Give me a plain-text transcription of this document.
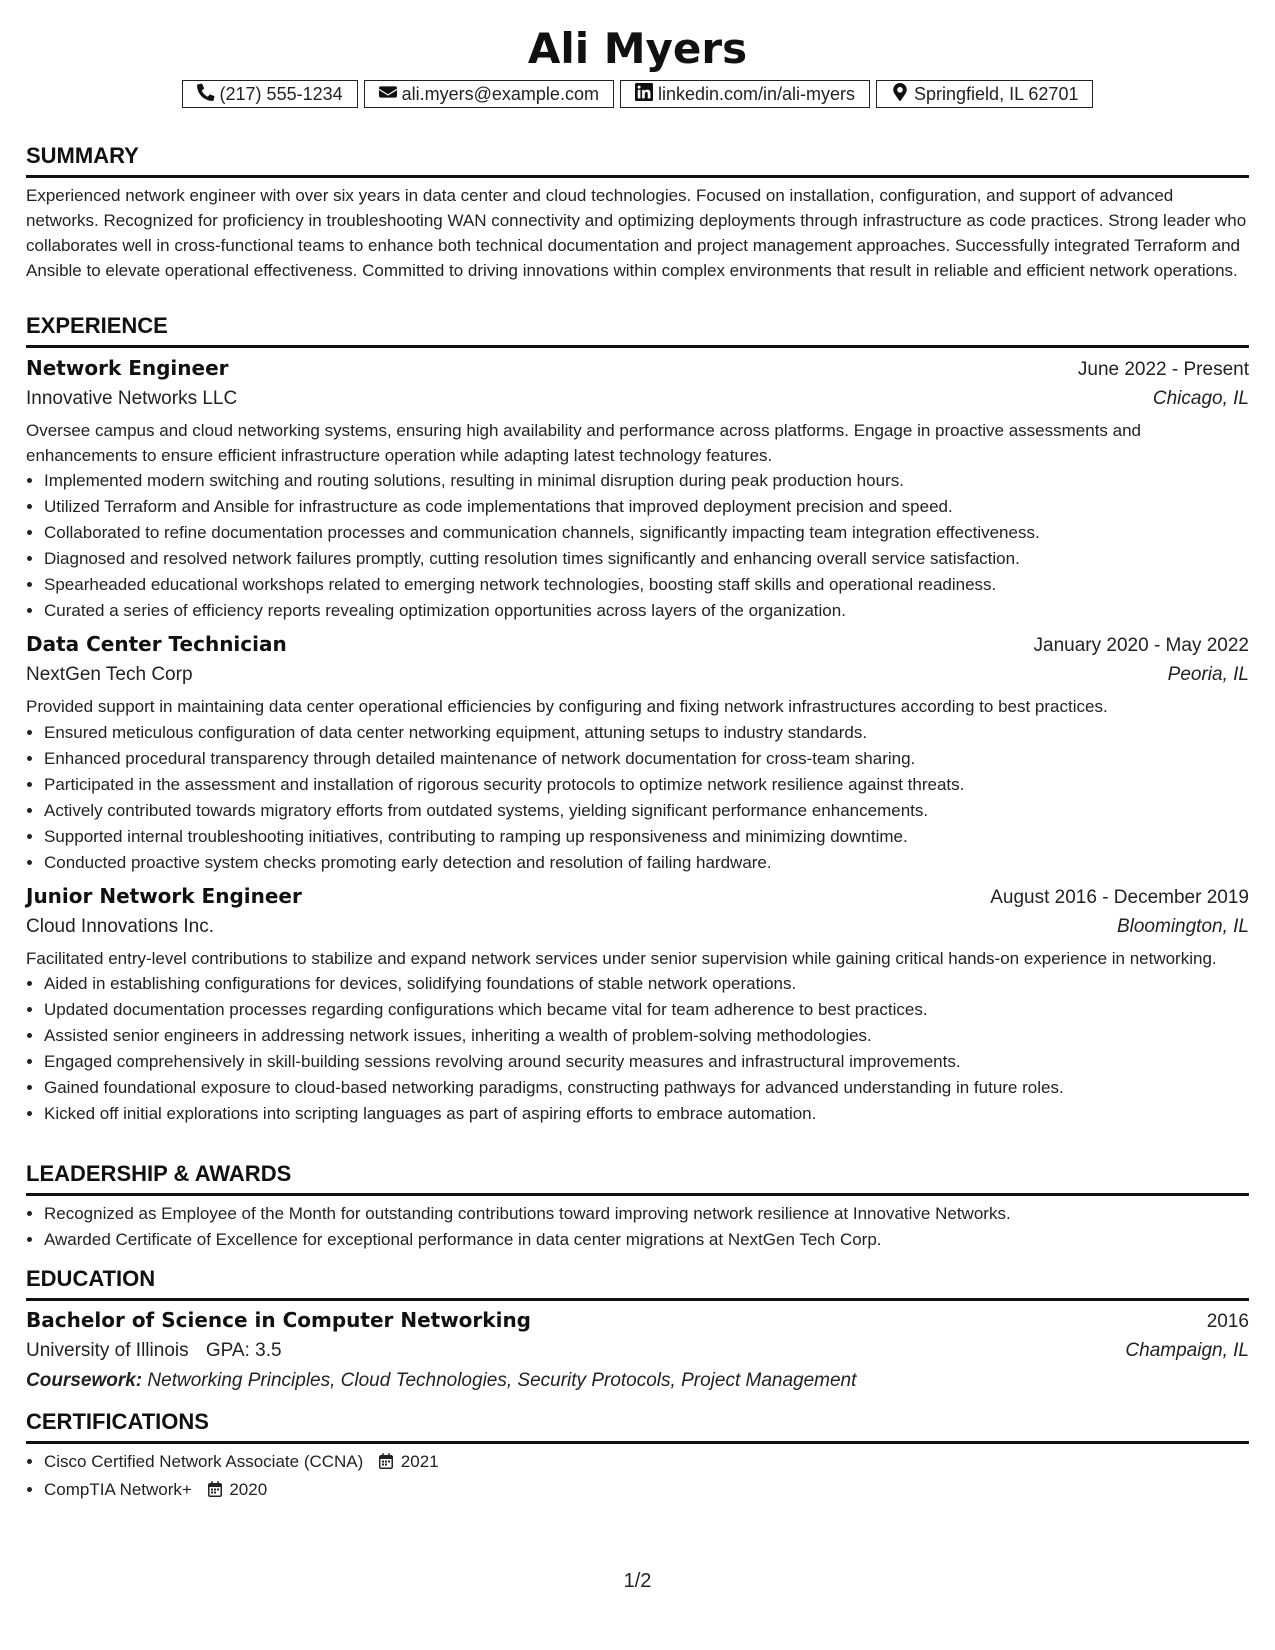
Ali Myers
(217) 555-1234	ali.myers@example.com	linkedin.com/in/ali-myers	Springfield, IL 62701
SUMMARY
Experienced network engineer with over six years in data center and cloud technologies. Focused on installation, configuration, and support of advanced networks. Recognized for proficiency in troubleshooting WAN connectivity and optimizing deployments through infrastructure as code practices. Strong leader who collaborates well in cross-functional teams to enhance both technical documentation and project management approaches. Successfully integrated Terraform and Ansible to elevate operational effectiveness. Committed to driving innovations within complex environments that result in reliable and efficient network operations.
EXPERIENCE
Network Engineer	June 2022 - Present
Innovative Networks LLC	Chicago, IL
Oversee campus and cloud networking systems, ensuring high availability and performance across platforms. Engage in proactive assessments and enhancements to ensure efficient infrastructure operation while adapting latest technology features.
• Implemented modern switching and routing solutions, resulting in minimal disruption during peak production hours.
• Utilized Terraform and Ansible for infrastructure as code implementations that improved deployment precision and speed.
• Collaborated to refine documentation processes and communication channels, significantly impacting team integration effectiveness.
• Diagnosed and resolved network failures promptly, cutting resolution times significantly and enhancing overall service satisfaction.
• Spearheaded educational workshops related to emerging network technologies, boosting staff skills and operational readiness.
• Curated a series of efficiency reports revealing optimization opportunities across layers of the organization.
Data Center Technician	January 2020 - May 2022
NextGen Tech Corp	Peoria, IL
Provided support in maintaining data center operational efficiencies by configuring and fixing network infrastructures according to best practices.
• Ensured meticulous configuration of data center networking equipment, attuning setups to industry standards.
• Enhanced procedural transparency through detailed maintenance of network documentation for cross-team sharing.
• Participated in the assessment and installation of rigorous security protocols to optimize network resilience against threats.
• Actively contributed towards migratory efforts from outdated systems, yielding significant performance enhancements.
• Supported internal troubleshooting initiatives, contributing to ramping up responsiveness and minimizing downtime.
• Conducted proactive system checks promoting early detection and resolution of failing hardware.
Junior Network Engineer	August 2016 - December 2019
Cloud Innovations Inc.	Bloomington, IL
Facilitated entry-level contributions to stabilize and expand network services under senior supervision while gaining critical hands-on experience in networking.
• Aided in establishing configurations for devices, solidifying foundations of stable network operations.
• Updated documentation processes regarding configurations which became vital for team adherence to best practices.
• Assisted senior engineers in addressing network issues, inheriting a wealth of problem-solving methodologies.
• Engaged comprehensively in skill-building sessions revolving around security measures and infrastructural improvements.
• Gained foundational exposure to cloud-based networking paradigms, constructing pathways for advanced understanding in future roles.
• Kicked off initial explorations into scripting languages as part of aspiring efforts to embrace automation.
LEADERSHIP & AWARDS
• Recognized as Employee of the Month for outstanding contributions toward improving network resilience at Innovative Networks.
• Awarded Certificate of Excellence for exceptional performance in data center migrations at NextGen Tech Corp.
EDUCATION
Bachelor of Science in Computer Networking	2016
University of Illinois GPA: 3.5	Champaign, IL
Coursework: Networking Principles, Cloud Technologies, Security Protocols, Project Management
CERTIFICATIONS
• Cisco Certified Network Associate (CCNA) 2021
• CompTIA Network+ 2020
1/2
